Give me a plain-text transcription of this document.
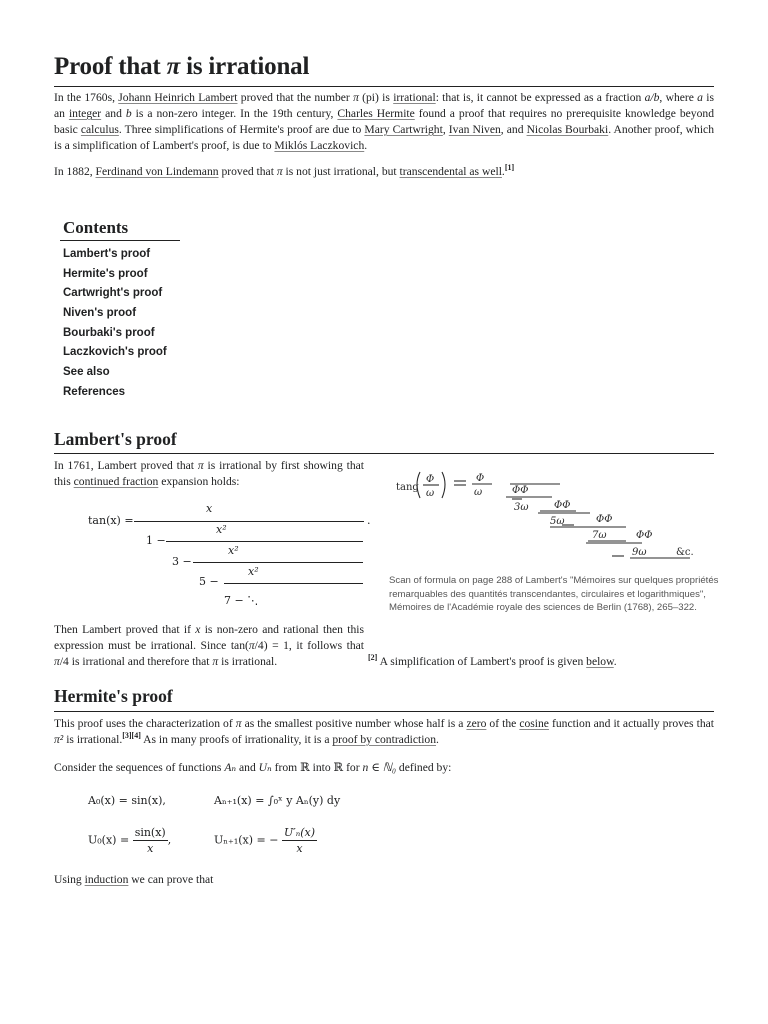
Proof that π is irrational

In the 1760s, Johann Heinrich Lambert proved that the number π (pi) is irrational: that is, it cannot be expressed as a fraction a/b, where a is an integer and b is a non-zero integer. In the 19th century, Charles Hermite found a proof that requires no prerequisite knowledge beyond basic calculus. Three simplifications of Hermite's proof are due to Mary Cartwright, Ivan Niven, and Nicolas Bourbaki. Another proof, which is a simplification of Lambert's proof, is due to Miklós Laczkovich.

In 1882, Ferdinand von Lindemann proved that π is not just irrational, but transcendental as well.[1]

Contents
Lambert's proof
Hermite's proof
Cartwright's proof
Niven's proof
Bourbaki's proof
Laczkovich's proof
See also
References
Lambert's proof

In 1761, Lambert proved that π is irrational by first showing that this continued fraction expansion holds:

tan(x) =
x
.
1 −
x²
3 −
x²
5 −
x²
7 − ⋱
tang
Φ
ω
Φ
ω	ΦΦ
3ω	ΦΦ
5ω	ΦΦ
7ω	ΦΦ
9ω	&c.

Scan of formula on page 288 of Lambert's "Mémoires sur quelques propriétés remarquables des quantités transcendantes, circulaires et logarithmiques", Mémoires de l'Académie royale des sciences de Berlin (1768), 265–322.

Then Lambert proved that if x is non-zero and rational then this expression must be irrational. Since tan(π/4) = 1, it follows that π/4 is irrational and therefore that π is irrational.	[2] A simplification of Lambert's proof is given below.

Hermite's proof

This proof uses the characterization of π as the smallest positive number whose half is a zero of the cosine function and it actually proves that π² is irrational.[3][4] As in many proofs of irrationality, it is a proof by contradiction.

Consider the sequences of functions Aₙ and Uₙ from ℝ into ℝ for n ∈ ℕ₀ defined by:

A₀(x) = sin(x),	Aₙ₊₁(x) = ∫₀ˣ y Aₙ(y) dy
$U_0(x) = \frac{\sin(x)}{x}$ ,	Uₙ₊₁(x) = − $\frac{\text{U′ₙ(x)}}{x}$

Using induction we can prove that
